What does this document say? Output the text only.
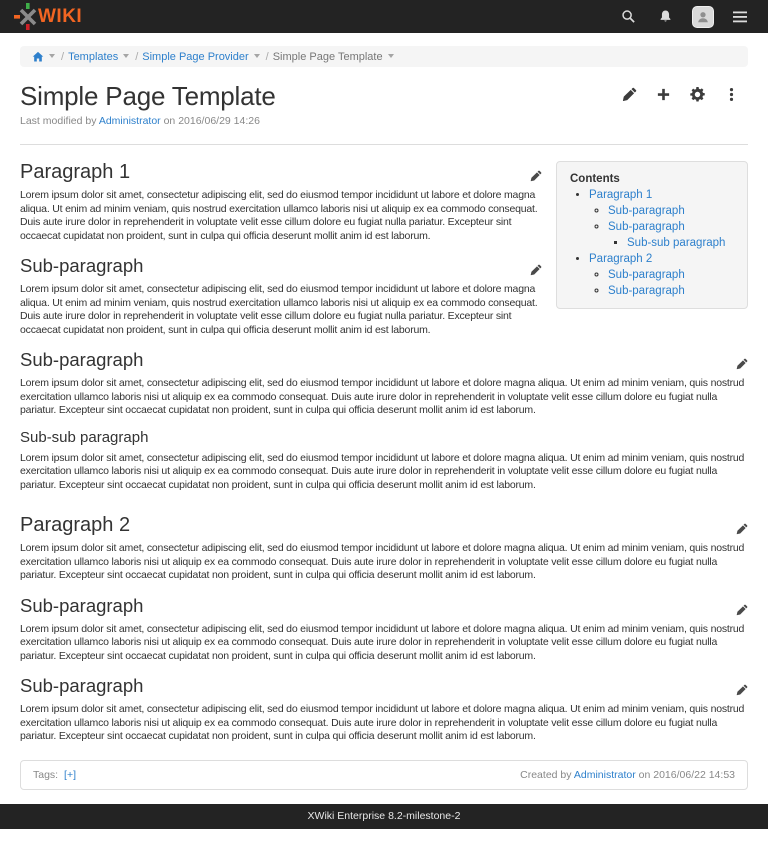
WIKI
/ Templates	/ Simple Page Provider	/ Simple Page Template
Simple Page Template
Last modified by Administrator on 2016/06/29 14:26
Contents
• Paragraph 1
◦ Sub-paragraph
◦ Sub-paragraph
▪ Sub-sub paragraph
• Paragraph 2
◦ Sub-paragraph
◦ Sub-paragraph
Paragraph 1

Lorem ipsum dolor sit amet, consectetur adipiscing elit, sed do eiusmod tempor incididunt ut labore et dolore magna aliqua. Ut enim ad minim veniam, quis nostrud exercitation ullamco laboris nisi ut aliquip ex ea commodo consequat. Duis aute irure dolor in reprehenderit in voluptate velit esse cillum dolore eu fugiat nulla pariatur. Excepteur sint occaecat cupidatat non proident, sunt in culpa qui officia deserunt mollit anim id est laborum.

Sub-paragraph

Lorem ipsum dolor sit amet, consectetur adipiscing elit, sed do eiusmod tempor incididunt ut labore et dolore magna aliqua. Ut enim ad minim veniam, quis nostrud exercitation ullamco laboris nisi ut aliquip ex ea commodo consequat. Duis aute irure dolor in reprehenderit in voluptate velit esse cillum dolore eu fugiat nulla pariatur. Excepteur sint occaecat cupidatat non proident, sunt in culpa qui officia deserunt mollit anim id est laborum.

Sub-paragraph

Lorem ipsum dolor sit amet, consectetur adipiscing elit, sed do eiusmod tempor incididunt ut labore et dolore magna aliqua. Ut enim ad minim veniam, quis nostrud exercitation ullamco laboris nisi ut aliquip ex ea commodo consequat. Duis aute irure dolor in reprehenderit in voluptate velit esse cillum dolore eu fugiat nulla pariatur. Excepteur sint occaecat cupidatat non proident, sunt in culpa qui officia deserunt mollit anim id est laborum.

Sub-sub paragraph

Lorem ipsum dolor sit amet, consectetur adipiscing elit, sed do eiusmod tempor incididunt ut labore et dolore magna aliqua. Ut enim ad minim veniam, quis nostrud exercitation ullamco laboris nisi ut aliquip ex ea commodo consequat. Duis aute irure dolor in reprehenderit in voluptate velit esse cillum dolore eu fugiat nulla pariatur. Excepteur sint occaecat cupidatat non proident, sunt in culpa qui officia deserunt mollit anim id est laborum.

Paragraph 2

Lorem ipsum dolor sit amet, consectetur adipiscing elit, sed do eiusmod tempor incididunt ut labore et dolore magna aliqua. Ut enim ad minim veniam, quis nostrud exercitation ullamco laboris nisi ut aliquip ex ea commodo consequat. Duis aute irure dolor in reprehenderit in voluptate velit esse cillum dolore eu fugiat nulla pariatur. Excepteur sint occaecat cupidatat non proident, sunt in culpa qui officia deserunt mollit anim id est laborum.

Sub-paragraph

Lorem ipsum dolor sit amet, consectetur adipiscing elit, sed do eiusmod tempor incididunt ut labore et dolore magna aliqua. Ut enim ad minim veniam, quis nostrud exercitation ullamco laboris nisi ut aliquip ex ea commodo consequat. Duis aute irure dolor in reprehenderit in voluptate velit esse cillum dolore eu fugiat nulla pariatur. Excepteur sint occaecat cupidatat non proident, sunt in culpa qui officia deserunt mollit anim id est laborum.

Sub-paragraph

Lorem ipsum dolor sit amet, consectetur adipiscing elit, sed do eiusmod tempor incididunt ut labore et dolore magna aliqua. Ut enim ad minim veniam, quis nostrud exercitation ullamco laboris nisi ut aliquip ex ea commodo consequat. Duis aute irure dolor in reprehenderit in voluptate velit esse cillum dolore eu fugiat nulla pariatur. Excepteur sint occaecat cupidatat non proident, sunt in culpa qui officia deserunt mollit anim id est laborum.

Tags: [+]	Created by Administrator on 2016/06/22 14:53
XWiki Enterprise 8.2-milestone-2
